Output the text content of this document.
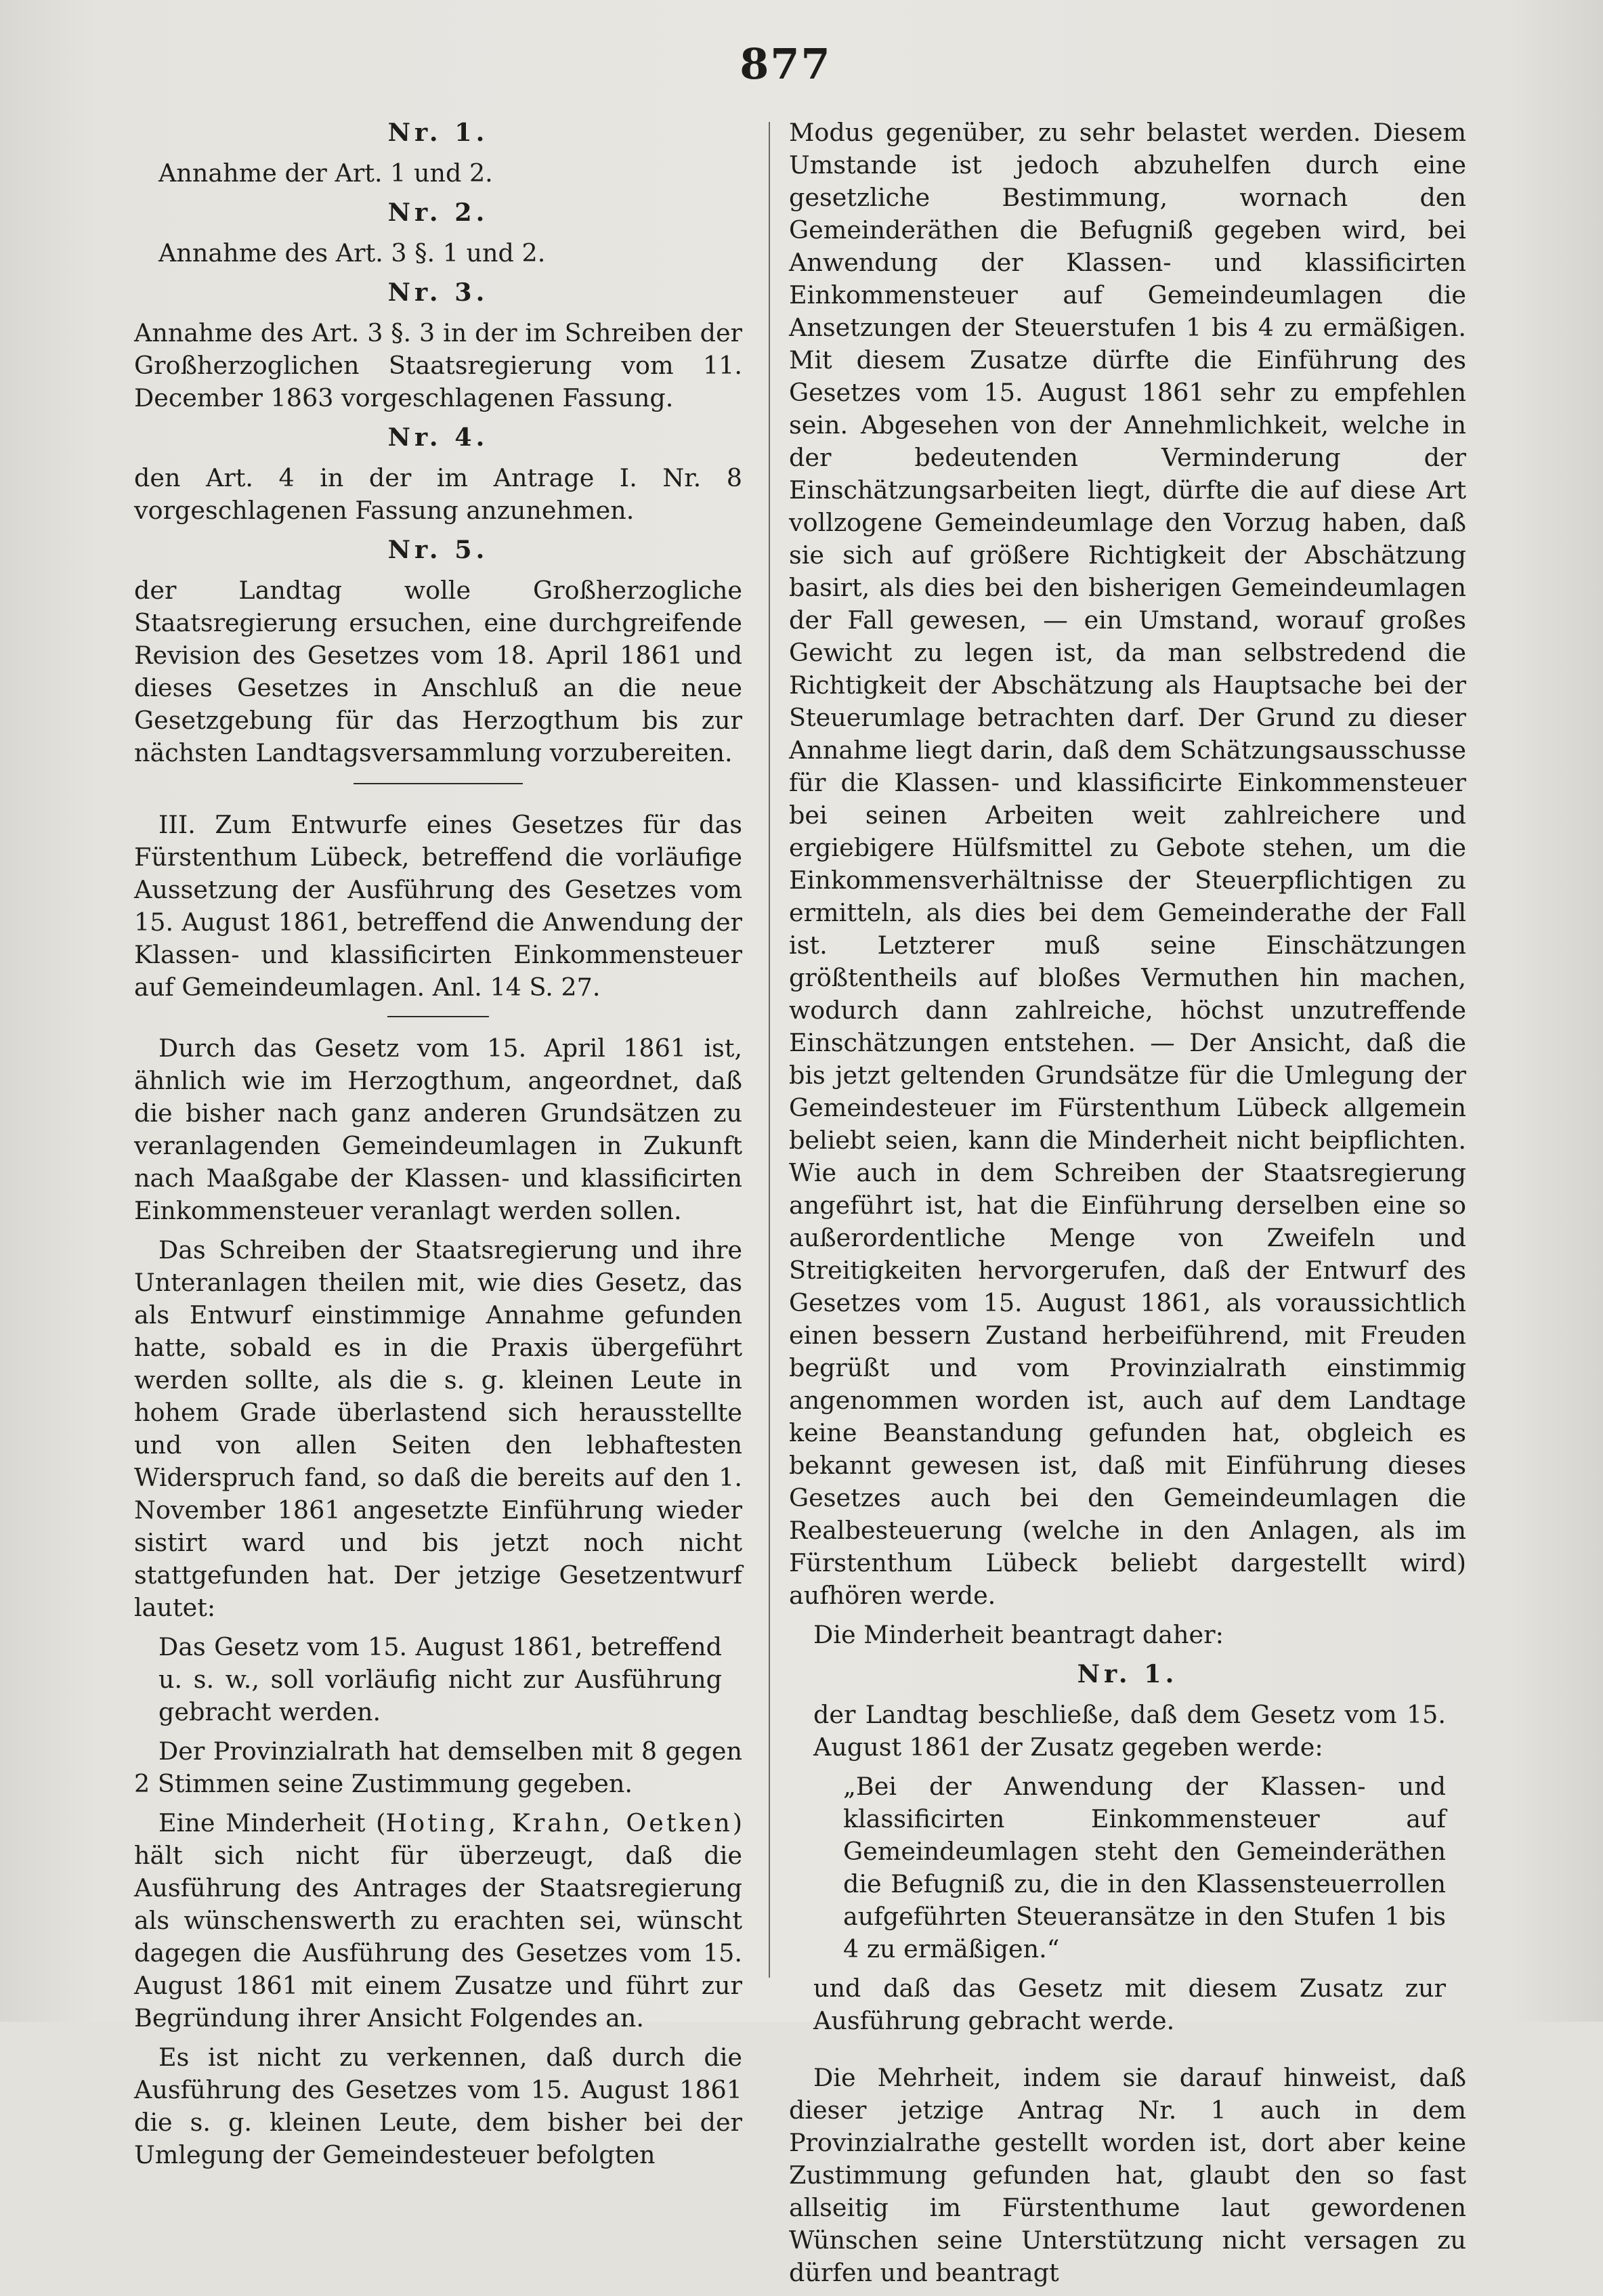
877
Nr. 1.

Annahme der Art. 1 und 2.

Nr. 2.

Annahme des Art. 3 §. 1 und 2.

Nr. 3.

Annahme des Art. 3 §. 3 in der im Schreiben der Großherzoglichen Staatsregierung vom 11. December 1863 vorgeschlagenen Fassung.

Nr. 4.

den Art. 4 in der im Antrage I. Nr. 8 vorgeschlagenen Fassung anzunehmen.

Nr. 5.

der Landtag wolle Großherzogliche Staatsregierung ersuchen, eine durchgreifende Revision des Gesetzes vom 18. April 1861 und dieses Gesetzes in Anschluß an die neue Gesetzgebung für das Herzogthum bis zur nächsten Landtagsversammlung vorzubereiten.

III. Zum Entwurfe eines Gesetzes für das Fürstenthum Lübeck, betreffend die vorläufige Aussetzung der Ausführung des Gesetzes vom 15. August 1861, betreffend die Anwendung der Klassen- und klassificirten Einkommensteuer auf Gemeindeumlagen. Anl. 14 S. 27.

Durch das Gesetz vom 15. April 1861 ist, ähnlich wie im Herzogthum, angeordnet, daß die bisher nach ganz anderen Grundsätzen zu veranlagenden Gemeindeumlagen in Zukunft nach Maaßgabe der Klassen- und klassificirten Einkommensteuer veranlagt werden sollen.

Das Schreiben der Staatsregierung und ihre Unteranlagen theilen mit, wie dies Gesetz, das als Entwurf einstimmige Annahme gefunden hatte, sobald es in die Praxis übergeführt werden sollte, als die s. g. kleinen Leute in hohem Grade überlastend sich herausstellte und von allen Seiten den lebhaftesten Widerspruch fand, so daß die bereits auf den 1. November 1861 angesetzte Einführung wieder sistirt ward und bis jetzt noch nicht stattgefunden hat. Der jetzige Gesetzentwurf lautet:

Das Gesetz vom 15. August 1861, betreffend u. s. w., soll vorläufig nicht zur Ausführung gebracht werden.

Der Provinzialrath hat demselben mit 8 gegen 2 Stimmen seine Zustimmung gegeben.

Eine Minderheit (Hoting, Krahn, Oetken) hält sich nicht für überzeugt, daß die Ausführung des Antrages der Staatsregierung als wünschenswerth zu erachten sei, wünscht dagegen die Ausführung des Gesetzes vom 15. August 1861 mit einem Zusatze und führt zur Begründung ihrer Ansicht Folgendes an.

Es ist nicht zu verkennen, daß durch die Ausführung des Gesetzes vom 15. August 1861 die s. g. kleinen Leute, dem bisher bei der Umlegung der Gemeindesteuer befolgten

Modus gegenüber, zu sehr belastet werden. Diesem Umstande ist jedoch abzuhelfen durch eine gesetzliche Bestimmung, wornach den Gemeinderäthen die Befugniß gegeben wird, bei Anwendung der Klassen- und klassificirten Einkommensteuer auf Gemeindeumlagen die Ansetzungen der Steuerstufen 1 bis 4 zu ermäßigen. Mit diesem Zusatze dürfte die Einführung des Gesetzes vom 15. August 1861 sehr zu empfehlen sein. Abgesehen von der Annehmlichkeit, welche in der bedeutenden Verminderung der Einschätzungsarbeiten liegt, dürfte die auf diese Art vollzogene Gemeindeumlage den Vorzug haben, daß sie sich auf größere Richtigkeit der Abschätzung basirt, als dies bei den bisherigen Gemeindeumlagen der Fall gewesen, — ein Umstand, worauf großes Gewicht zu legen ist, da man selbstredend die Richtigkeit der Abschätzung als Hauptsache bei der Steuerumlage betrachten darf. Der Grund zu dieser Annahme liegt darin, daß dem Schätzungsausschusse für die Klassen- und klassificirte Einkommensteuer bei seinen Arbeiten weit zahlreichere und ergiebigere Hülfsmittel zu Gebote stehen, um die Einkommensverhältnisse der Steuerpflichtigen zu ermitteln, als dies bei dem Gemeinderathe der Fall ist. Letzterer muß seine Einschätzungen größtentheils auf bloßes Vermuthen hin machen, wodurch dann zahlreiche, höchst unzutreffende Einschätzungen entstehen. — Der Ansicht, daß die bis jetzt geltenden Grundsätze für die Umlegung der Gemeindesteuer im Fürstenthum Lübeck allgemein beliebt seien, kann die Minderheit nicht beipflichten. Wie auch in dem Schreiben der Staatsregierung angeführt ist, hat die Einführung derselben eine so außerordentliche Menge von Zweifeln und Streitigkeiten hervorgerufen, daß der Entwurf des Gesetzes vom 15. August 1861, als voraussichtlich einen bessern Zustand herbeiführend, mit Freuden begrüßt und vom Provinzialrath einstimmig angenommen worden ist, auch auf dem Landtage keine Beanstandung gefunden hat, obgleich es bekannt gewesen ist, daß mit Einführung dieses Gesetzes auch bei den Gemeindeumlagen die Realbesteuerung (welche in den Anlagen, als im Fürstenthum Lübeck beliebt dargestellt wird) aufhören werde.

Die Minderheit beantragt daher:

Nr. 1.

der Landtag beschließe, daß dem Gesetz vom 15. August 1861 der Zusatz gegeben werde:

„Bei der Anwendung der Klassen- und klassificirten Einkommensteuer auf Gemeindeumlagen steht den Gemeinderäthen die Befugniß zu, die in den Klassensteuerrollen aufgeführten Steueransätze in den Stufen 1 bis 4 zu ermäßigen.“

und daß das Gesetz mit diesem Zusatz zur Ausführung gebracht werde.

Die Mehrheit, indem sie darauf hinweist, daß dieser jetzige Antrag Nr. 1 auch in dem Provinzialrathe gestellt worden ist, dort aber keine Zustimmung gefunden hat, glaubt den so fast allseitig im Fürstenthume laut gewordenen Wünschen seine Unterstützung nicht versagen zu dürfen und beantragt
